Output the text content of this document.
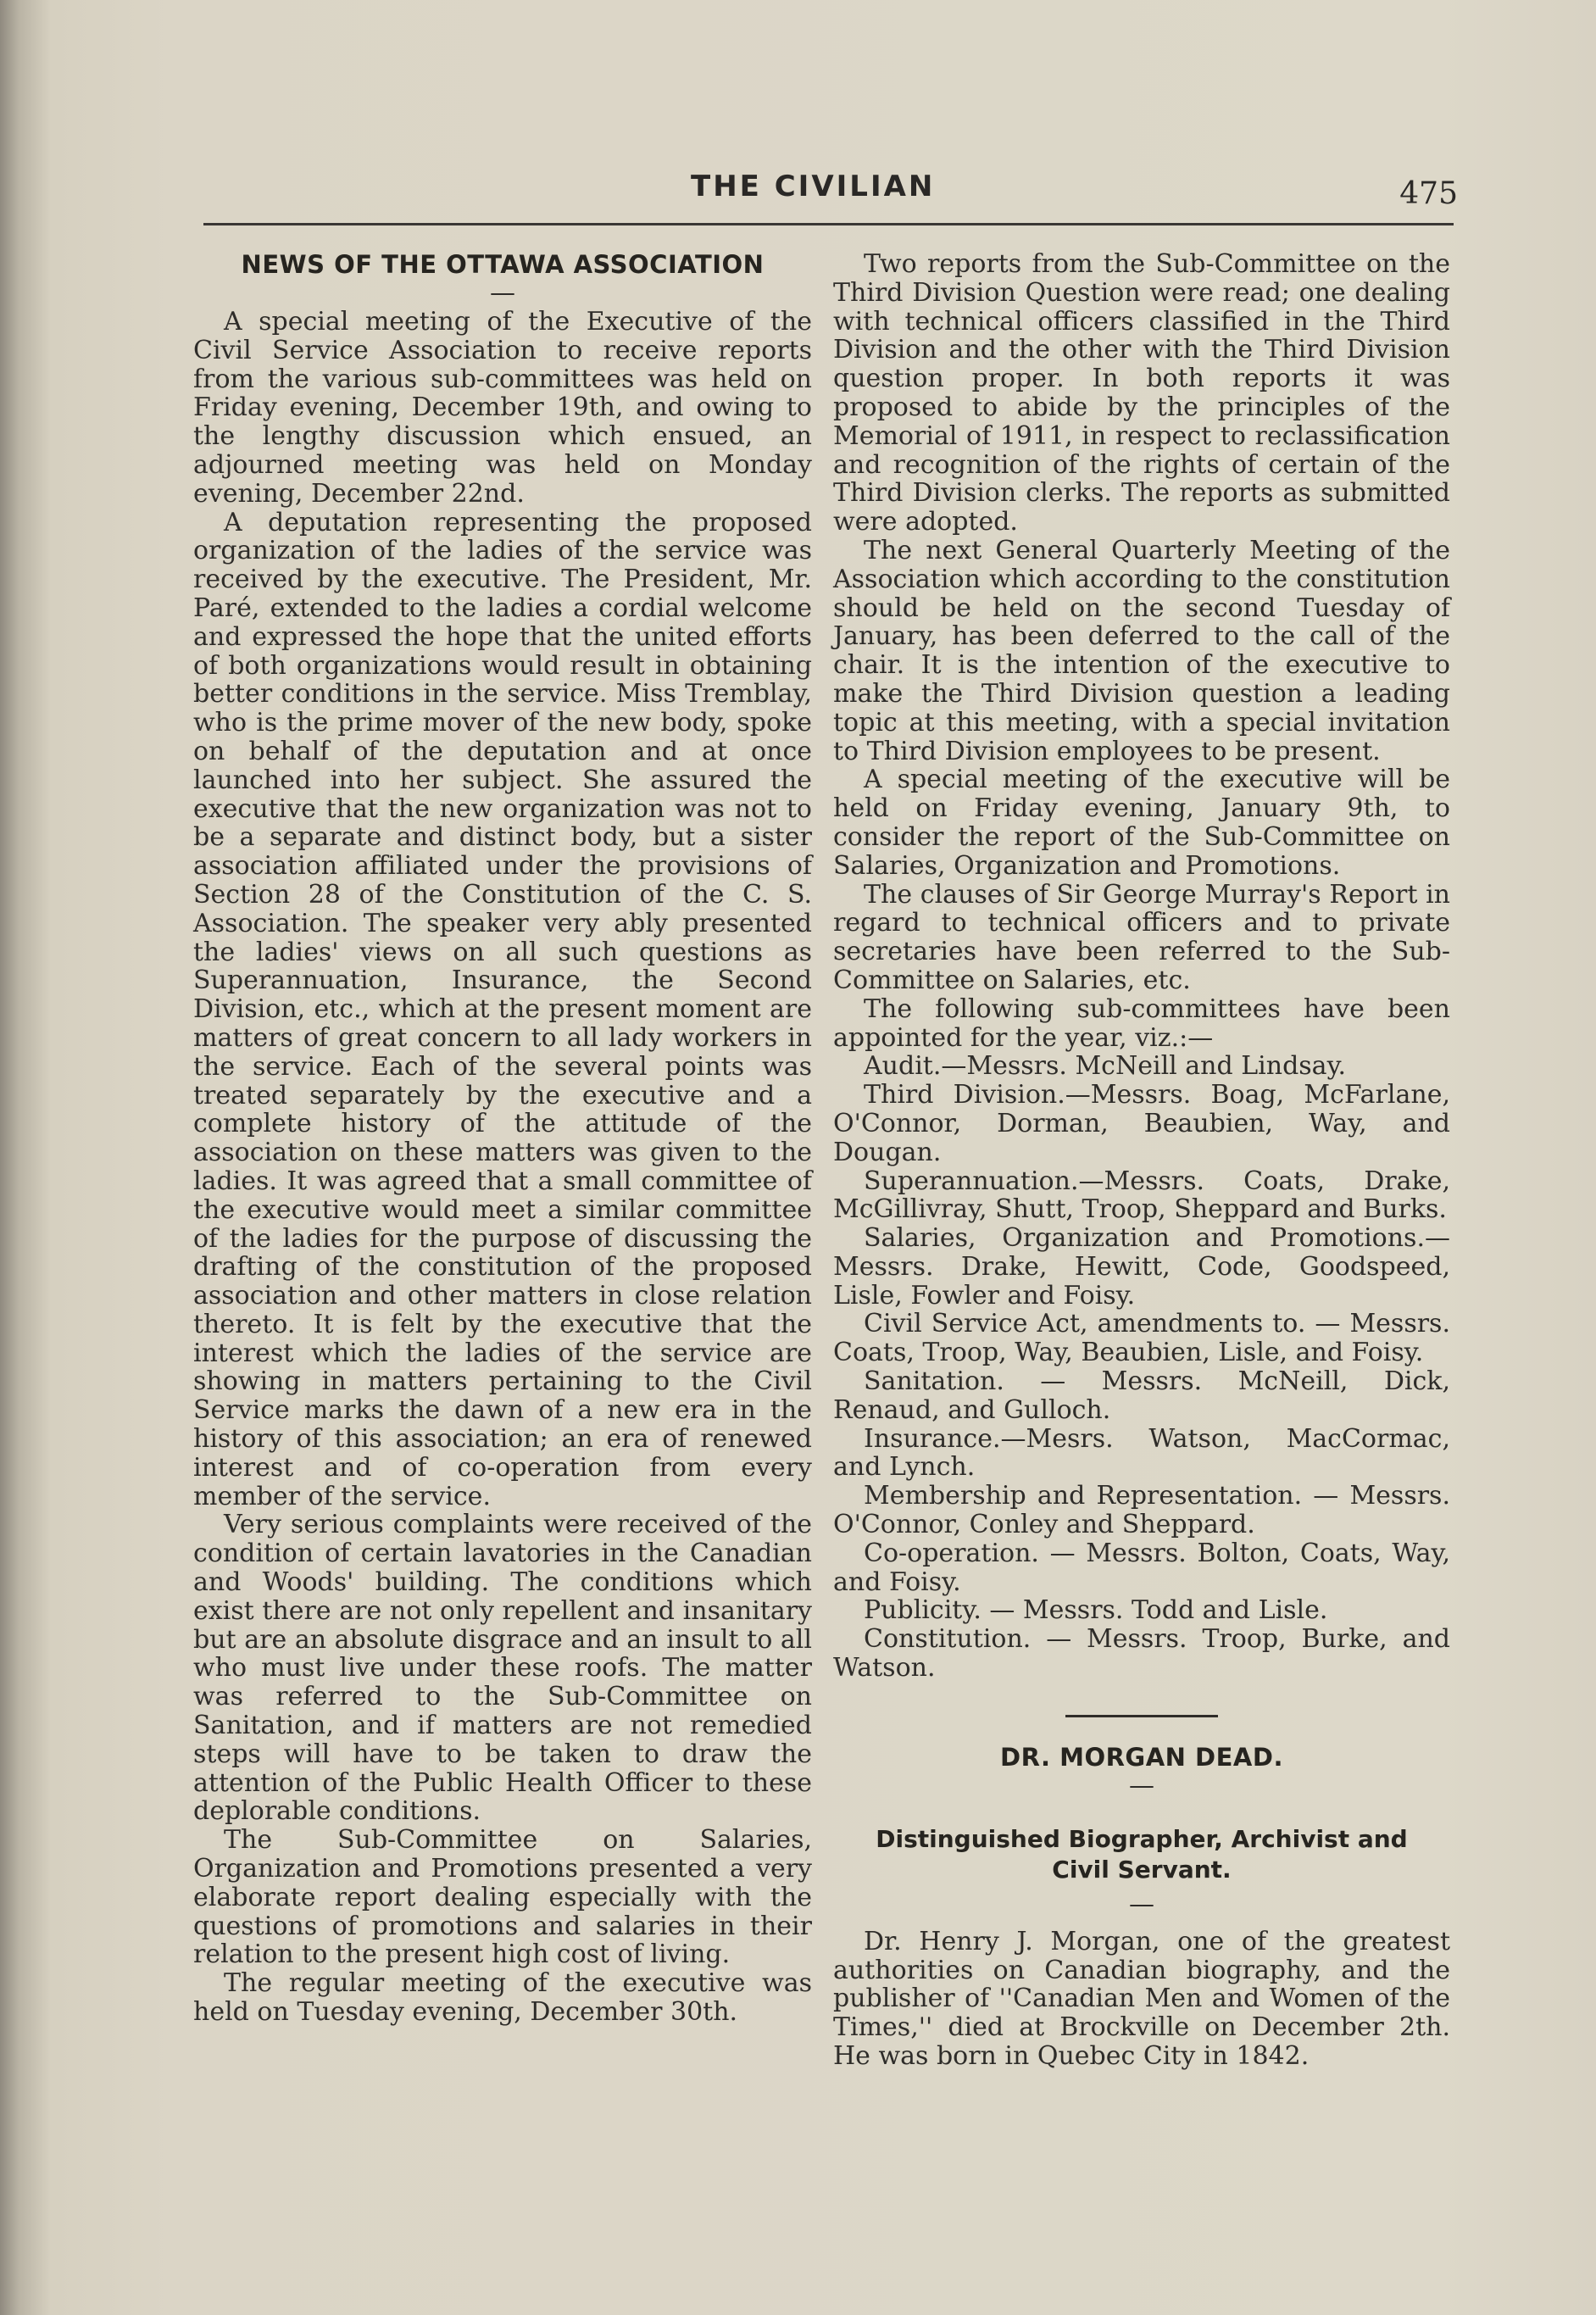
THE CIVILIAN	475
NEWS OF THE OTTAWA ASSOCIATION
—

A special meeting of the Executive of the Civil Service Association to receive reports from the various sub-committees was held on Friday evening, December 19th, and owing to the lengthy discussion which ensued, an adjourned meeting was held on Monday evening, December 22nd.

A deputation representing the proposed organization of the ladies of the service was received by the executive. The President, Mr. Paré, extended to the ladies a cordial welcome and expressed the hope that the united efforts of both organizations would result in obtaining better conditions in the service. Miss Tremblay, who is the prime mover of the new body, spoke on behalf of the deputation and at once launched into her subject. She assured the executive that the new organization was not to be a separate and distinct body, but a sister association affiliated under the provisions of Section 28 of the Constitution of the C. S. Association. The speaker very ably presented the ladies' views on all such questions as Superannuation, Insurance, the Second Division, etc., which at the present moment are matters of great concern to all lady workers in the service. Each of the several points was treated separately by the executive and a complete history of the attitude of the association on these matters was given to the ladies. It was agreed that a small committee of the executive would meet a similar committee of the ladies for the purpose of discussing the drafting of the constitution of the proposed association and other matters in close relation thereto. It is felt by the executive that the interest which the ladies of the service are showing in matters pertaining to the Civil Service marks the dawn of a new era in the history of this association; an era of renewed interest and of co-operation from every member of the service.

Very serious complaints were received of the condition of certain lavatories in the Canadian and Woods' building. The conditions which exist there are not only repellent and insanitary but are an absolute disgrace and an insult to all who must live under these roofs. The matter was referred to the Sub-Committee on Sanitation, and if matters are not remedied steps will have to be taken to draw the attention of the Public Health Officer to these deplorable conditions.

The Sub-Committee on Salaries, Organization and Promotions presented a very elaborate report dealing especially with the questions of promotions and salaries in their relation to the present high cost of living.

The regular meeting of the executive was held on Tuesday evening, December 30th.

Two reports from the Sub-Committee on the Third Division Question were read; one dealing with technical officers classified in the Third Division and the other with the Third Division question proper. In both reports it was proposed to abide by the principles of the Memorial of 1911, in respect to reclassification and recognition of the rights of certain of the Third Division clerks. The reports as submitted were adopted.

The next General Quarterly Meeting of the Association which according to the constitution should be held on the second Tuesday of January, has been deferred to the call of the chair. It is the intention of the executive to make the Third Division question a leading topic at this meeting, with a special invitation to Third Division employees to be present.

A special meeting of the executive will be held on Friday evening, January 9th, to consider the report of the Sub-Committee on Salaries, Organization and Promotions.

The clauses of Sir George Murray's Report in regard to technical officers and to private secretaries have been referred to the Sub-Committee on Salaries, etc.

The following sub-committees have been appointed for the year, viz.:—

Audit.—Messrs. McNeill and Lindsay.

Third Division.—Messrs. Boag, McFarlane, O'Connor, Dorman, Beaubien, Way, and Dougan.

Superannuation.—Messrs. Coats, Drake, McGillivray, Shutt, Troop, Sheppard and Burks.

Salaries, Organization and Promotions.—Messrs. Drake, Hewitt, Code, Goodspeed, Lisle, Fowler and Foisy.

Civil Service Act, amendments to. — Messrs. Coats, Troop, Way, Beaubien, Lisle, and Foisy.

Sanitation. — Messrs. McNeill, Dick, Renaud, and Gulloch.

Insurance.—Mesrs. Watson, MacCormac, and Lynch.

Membership and Representation. — Messrs. O'Connor, Conley and Sheppard.

Co-operation. — Messrs. Bolton, Coats, Way, and Foisy.

Publicity. — Messrs. Todd and Lisle.

Constitution. — Messrs. Troop, Burke, and Watson.

DR. MORGAN DEAD.
—
Distinguished Biographer, Archivist and Civil Servant.
—

Dr. Henry J. Morgan, one of the greatest authorities on Canadian biography, and the publisher of ''Canadian Men and Women of the Times,'' died at Brockville on December 2th. He was born in Quebec City in 1842.
